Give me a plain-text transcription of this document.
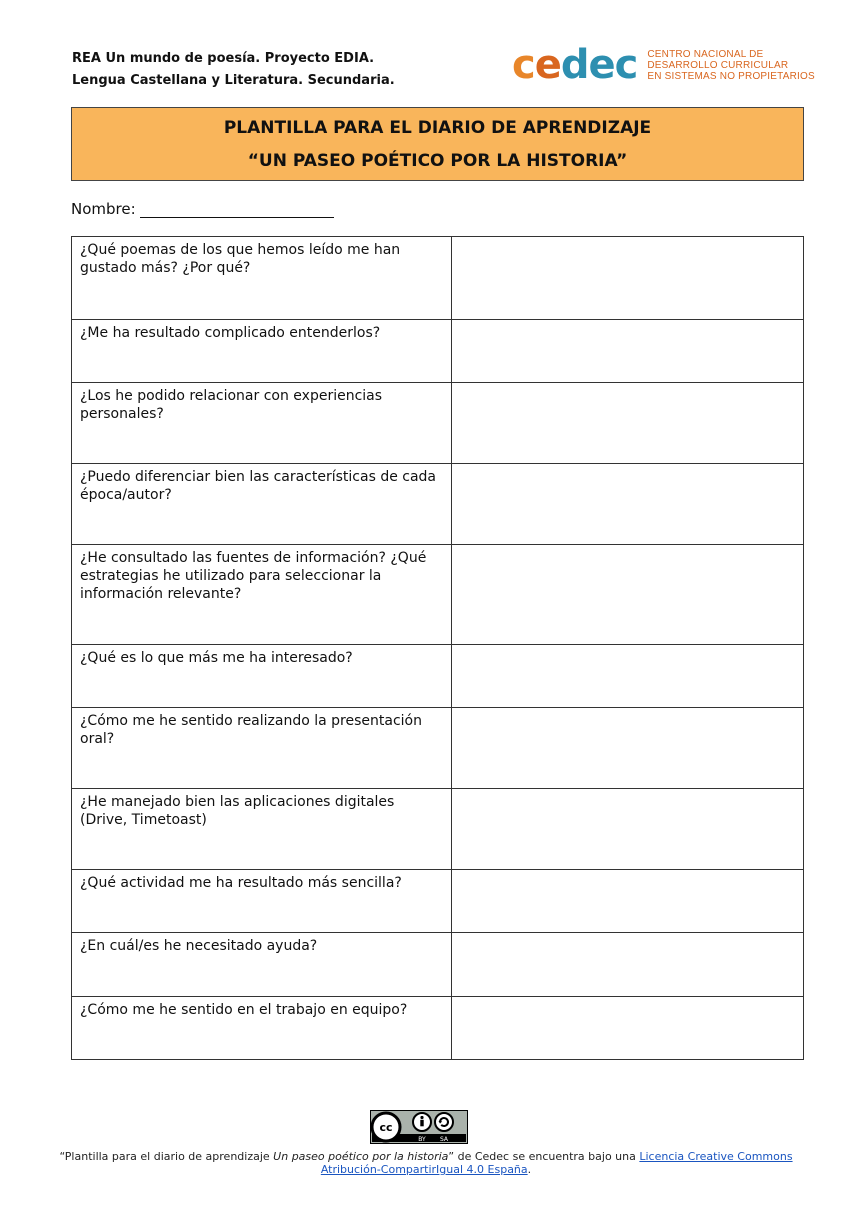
REA Un mundo de poesía. Proyecto EDIA.
Lengua Castellana y Literatura. Secundaria.	cedec CENTRO NACIONAL DE
DESARROLLO CURRICULAR
EN SISTEMAS NO PROPIETARIOS
PLANTILLA PARA EL DIARIO DE APRENDIZAJE
“UN PASEO POÉTICO POR LA HISTORIA”
Nombre:
¿Qué poemas de los que hemos leído me han gustado más? ¿Por qué?	
¿Me ha resultado complicado entenderlos?	
¿Los he podido relacionar con experiencias personales?	
¿Puedo diferenciar bien las características de cada época/autor?	
¿He consultado las fuentes de información? ¿Qué estrategias he utilizado para seleccionar la información relevante?	
¿Qué es lo que más me ha interesado?	
¿Cómo me he sentido realizando la presentación oral?	
¿He manejado bien las aplicaciones digitales (Drive, Timetoast)	
¿Qué actividad me ha resultado más sencilla?	
¿En cuál/es he necesitado ayuda?	
¿Cómo me he sentido en el trabajo en equipo?	
cc
BY SA
“Plantilla para el diario de aprendizaje Un paseo poético por la historia” de Cedec se encuentra bajo una Licencia Creative Commons Atribución-CompartirIgual 4.0 España.
